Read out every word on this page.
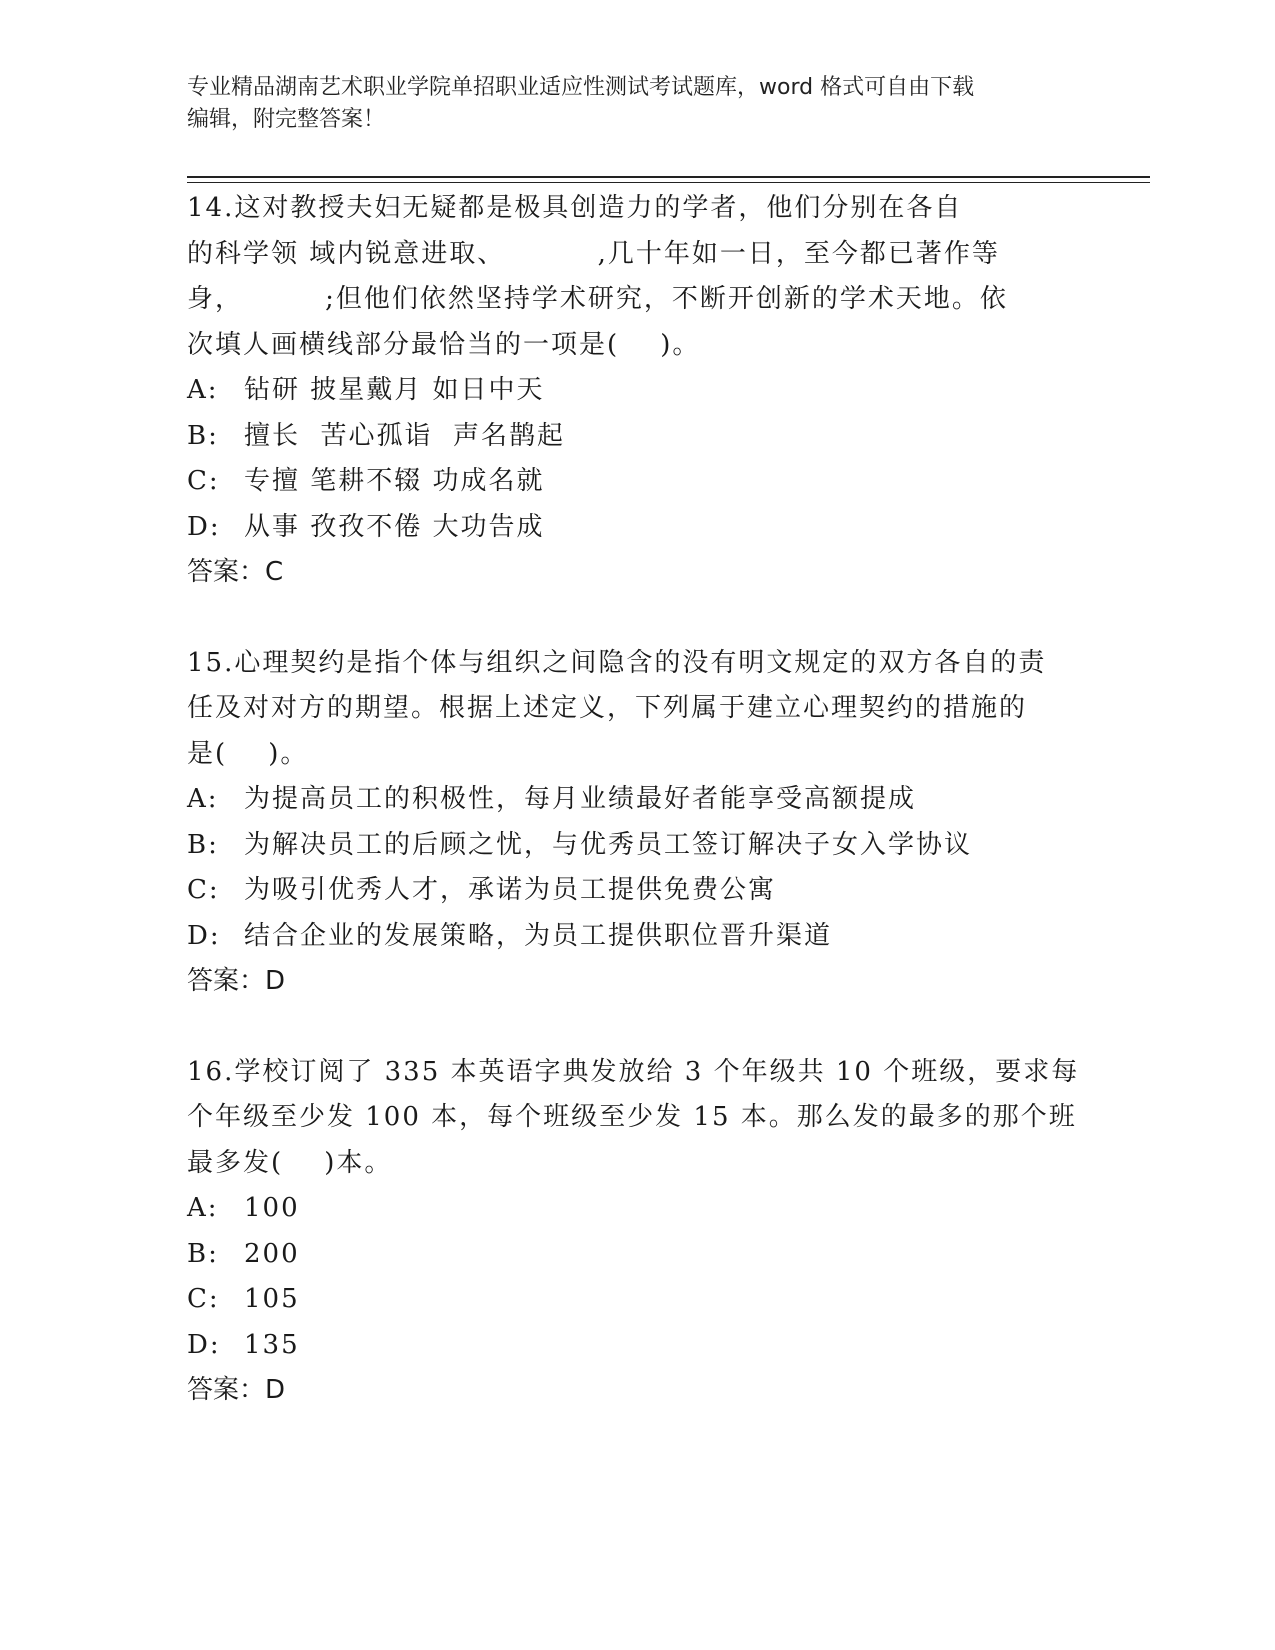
专业精品湖南艺术职业学院单招职业适应性测试考试题库，word 格式可自由下载
编辑，附完整答案！
14.这对教授夫妇无疑都是极具创造力的学者，他们分别在各自
的科学领 域内锐意进取、         ,几十年如一日，至今都已著作等
身，        ;但他们依然坚持学术研究，不断开创新的学术天地。依
次填人画横线部分最恰当的一项是(    )。
A: 钻研 披星戴月 如日中天
B: 擅长  苦心孤诣  声名鹊起
C: 专擅 笔耕不辍 功成名就
D: 从事 孜孜不倦 大功告成
答案：C
15.心理契约是指个体与组织之间隐含的没有明文规定的双方各自的责
任及对对方的期望。根据上述定义，下列属于建立心理契约的措施的
是(    )。
A: 为提高员工的积极性，每月业绩最好者能享受高额提成
B: 为解决员工的后顾之忧，与优秀员工签订解决子女入学协议
C: 为吸引优秀人才，承诺为员工提供免费公寓
D: 结合企业的发展策略，为员工提供职位晋升渠道
答案：D
16.学校订阅了 335 本英语字典发放给 3 个年级共 10 个班级，要求每
个年级至少发 100 本，每个班级至少发 15 本。那么发的最多的那个班
最多发(    )本。
A: 100
B: 200
C: 105
D: 135
答案：D
